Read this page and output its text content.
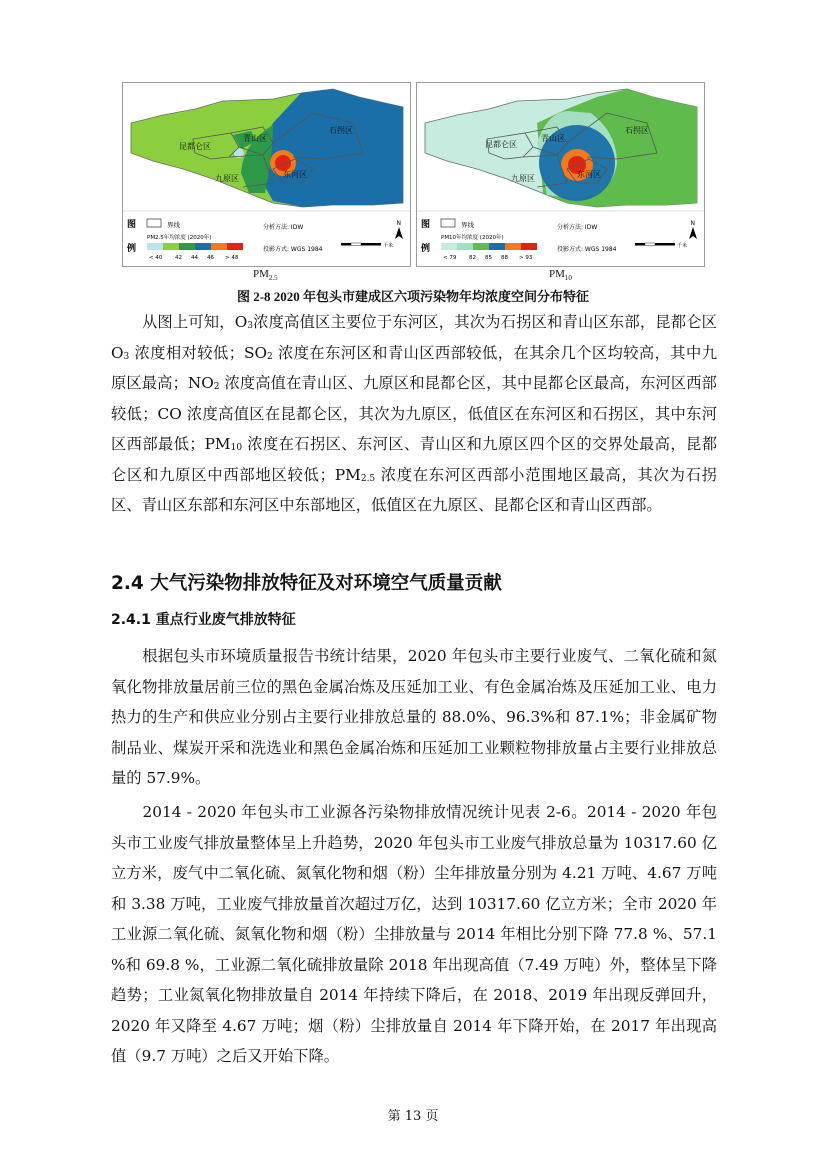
昆都仑区
青山区
石拐区
九原区	东河区
图
例
界线
PM2.5年均浓度 (2020年)
< 40 42 44 46 > 48
分析方法: IDW
投影方式: WGS 1984	千米
N
昆都仑区
青山区
石拐区
九原区	东河区
图
例
界线
PM10年均浓度 (2020年)
< 79 82 85 88 > 93
分析方法: IDW
投影方式: WGS 1984	千米
N
$PM_{2.5}$	$PM_{10}$
图 2-8 2020 年包头市建成区六项污染物年均浓度空间分布特征

　　从图上可知，$O_3$浓度高值区主要位于东河区，其次为石拐区和青山区东部，昆都仑区 $O_3$ 浓度相对较低；$SO_2$ 浓度在东河区和青山区西部较低，在其余几个区均较高，其中九原区最高；$NO_2$ 浓度高值在青山区、九原区和昆都仑区，其中昆都仑区最高，东河区西部较低；CO 浓度高值区在昆都仑区，其次为九原区，低值区在东河区和石拐区，其中东河区西部最低；$PM_{10}$ 浓度在石拐区、东河区、青山区和九原区四个区的交界处最高，昆都仑区和九原区中西部地区较低；$PM_{2.5}$ 浓度在东河区西部小范围地区最高，其次为石拐区、青山区东部和东河区中东部地区，低值区在九原区、昆都仑区和青山区西部。

2.4 大气污染物排放特征及对环境空气质量贡献
2.4.1 重点行业废气排放特征

　　根据包头市环境质量报告书统计结果，2020 年包头市主要行业废气、二氧化硫和氮氧化物排放量居前三位的黑色金属冶炼及压延加工业、有色金属冶炼及压延加工业、电力热力的生产和供应业分别占主要行业排放总量的 88.0%、96.3%和 87.1%；非金属矿物制品业、煤炭开采和洗选业和黑色金属冶炼和压延加工业颗粒物排放量占主要行业排放总量的 57.9%。

　　2014 - 2020 年包头市工业源各污染物排放情况统计见表 2-6。2014 - 2020 年包头市工业废气排放量整体呈上升趋势，2020 年包头市工业废气排放总量为 10317.60 亿立方米，废气中二氧化硫、氮氧化物和烟（粉）尘年排放量分别为 4.21 万吨、4.67 万吨和 3.38 万吨，工业废气排放量首次超过万亿，达到 10317.60 亿立方米；全市 2020 年工业源二氧化硫、氮氧化物和烟（粉）尘排放量与 2014 年相比分别下降 77.8 %、57.1 %和 69.8 %，工业源二氧化硫排放量除 2018 年出现高值（7.49 万吨）外，整体呈下降趋势；工业氮氧化物排放量自 2014 年持续下降后，在 2018、2019 年出现反弹回升，2020 年又降至 4.67 万吨；烟（粉）尘排放量自 2014 年下降开始，在 2017 年出现高值（9.7 万吨）之后又开始下降。

第 13 页
